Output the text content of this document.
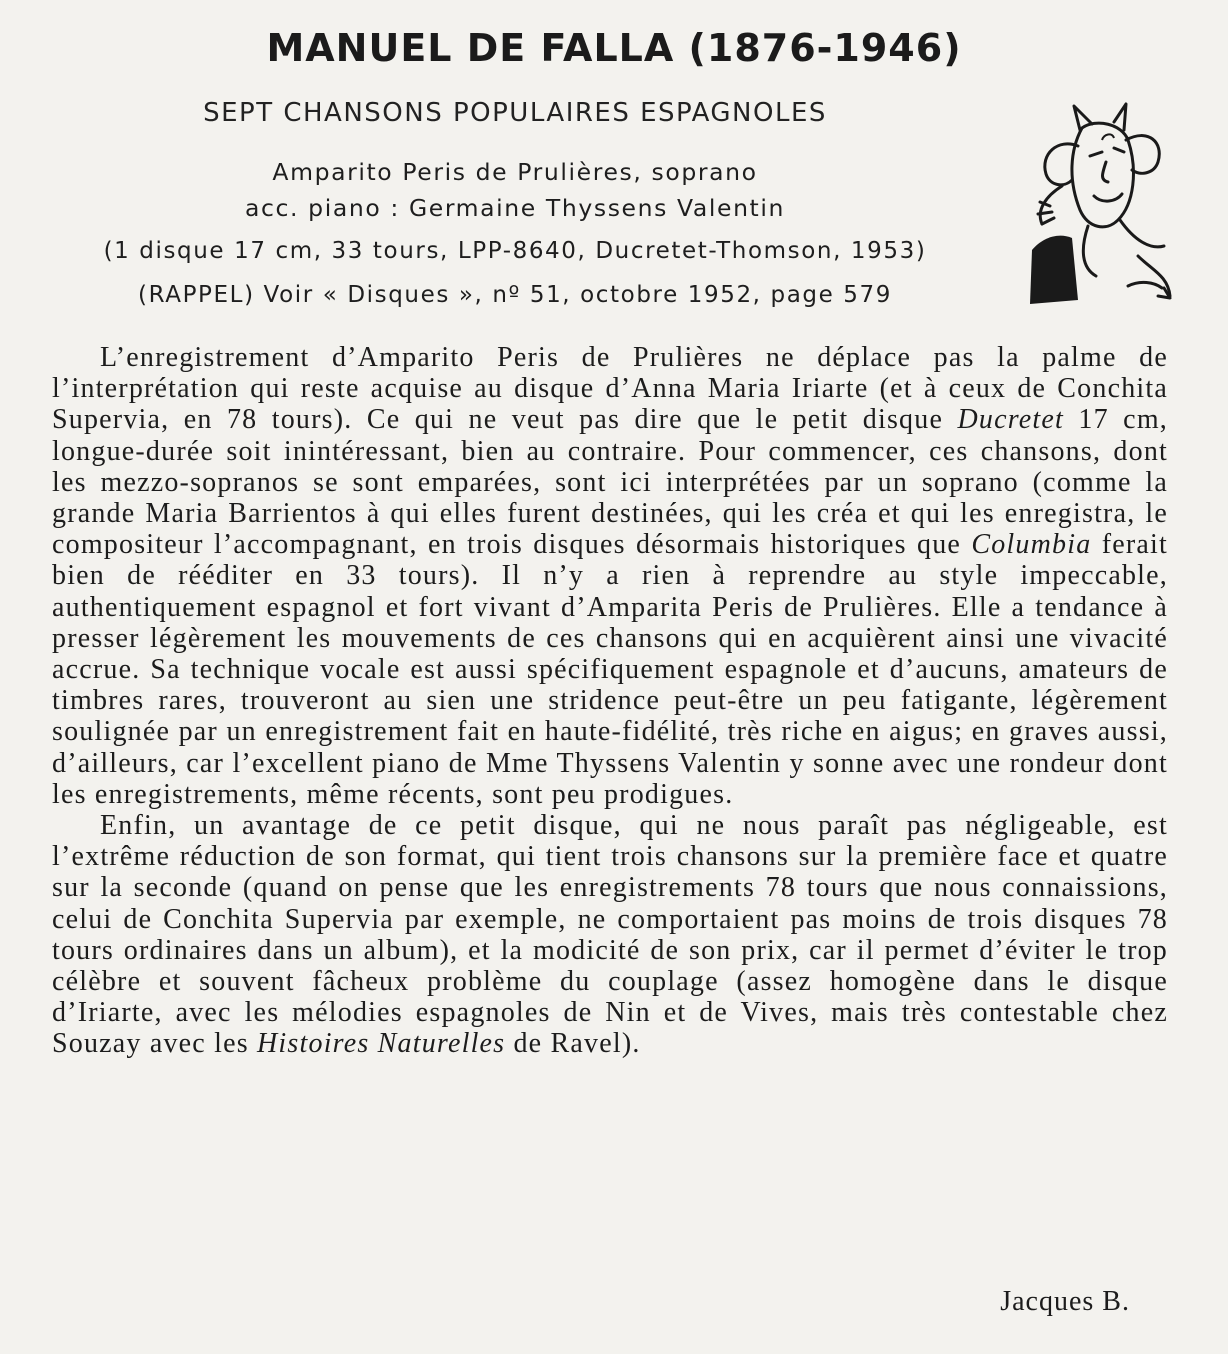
MANUEL DE FALLA (1876-1946)
SEPT CHANSONS POPULAIRES ESPAGNOLES
Amparito Peris de Prulières, soprano
acc. piano : Germaine Thyssens Valentin
(1 disque 17 cm, 33 tours, LPP-8640, Ducretet-Thomson, 1953)
(RAPPEL) Voir « Disques », nº 51, octobre 1952, page 579

L’enregistrement d’Amparito Peris de Prulières ne déplace pas la palme de l’interprétation qui reste acquise au disque d’Anna Maria Iriarte (et à ceux de Conchita Supervia, en 78 tours). Ce qui ne veut pas dire que le petit disque Ducretet 17 cm, longue-durée soit inintéressant, bien au contraire. Pour commencer, ces chansons, dont les mezzo-sopranos se sont emparées, sont ici interprétées par un soprano (comme la grande Maria Barrientos à qui elles furent destinées, qui les créa et qui les enregistra, le compositeur l’accompagnant, en trois disques désormais historiques que Columbia ferait bien de rééditer en 33 tours). Il n’y a rien à reprendre au style impeccable, authentiquement espagnol et fort vivant d’Amparita Peris de Prulières. Elle a tendance à presser légèrement les mouvements de ces chansons qui en acquièrent ainsi une vivacité accrue. Sa technique vocale est aussi spécifiquement espagnole et d’aucuns, amateurs de timbres rares, trouveront au sien une stridence peut-être un peu fatigante, légèrement soulignée par un enregistrement fait en haute-fidélité, très riche en aigus; en graves aussi, d’ailleurs, car l’excellent piano de Mme Thyssens Valentin y sonne avec une rondeur dont les enregistrements, même récents, sont peu prodigues.

Enfin, un avantage de ce petit disque, qui ne nous paraît pas négligeable, est l’extrême réduction de son format, qui tient trois chansons sur la première face et quatre sur la seconde (quand on pense que les enregistrements 78 tours que nous connaissions, celui de Conchita Supervia par exemple, ne comportaient pas moins de trois disques 78 tours ordinaires dans un album), et la modicité de son prix, car il permet d’éviter le trop célèbre et souvent fâcheux problème du couplage (assez homogène dans le disque d’Iriarte, avec les mélodies espagnoles de Nin et de Vives, mais très contestable chez Souzay avec les Histoires Naturelles de Ravel).

Jacques B.
